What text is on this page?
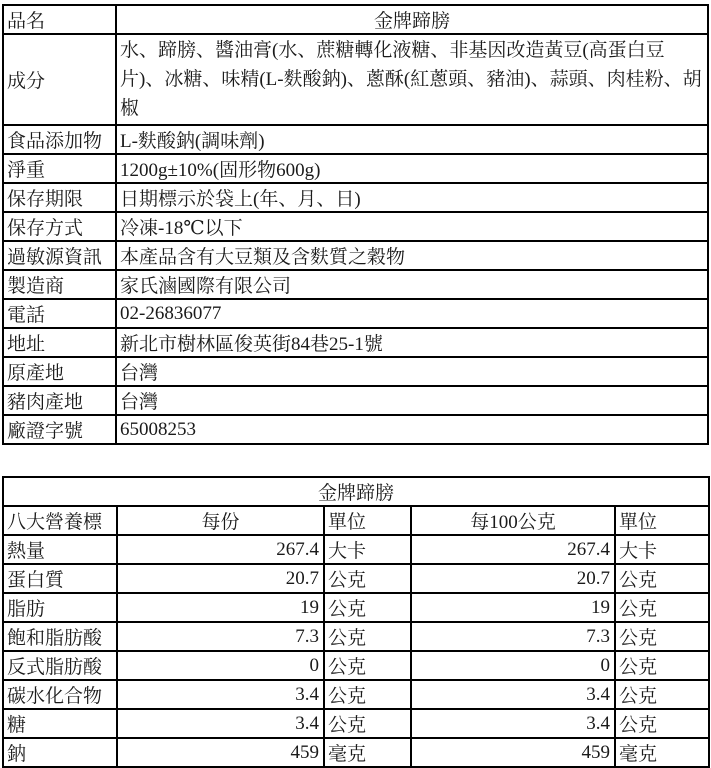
品名	金牌蹄膀
成分	水、蹄膀、醬油膏(水、蔗糖轉化液糖、非基因改造黃豆(高蛋白豆片)、冰糖、味精(L-麩酸鈉)、蔥酥(紅蔥頭、豬油)、蒜頭、肉桂粉、胡椒
食品添加物	L-麩酸鈉(調味劑)
淨重	1200g±10%(固形物600g)
保存期限	日期標示於袋上(年、月、日)
保存方式	冷凍-18℃以下
過敏源資訊	本產品含有大豆類及含麩質之穀物
製造商	家氏滷國際有限公司
電話	02-26836077
地址	新北市樹林區俊英街84巷25-1號
原產地	台灣
豬肉產地	台灣
廠證字號	65008253
金牌蹄膀				
八大營養標	每份	單位	每100公克	單位
熱量	267.4	大卡	267.4	大卡
蛋白質	20.7	公克	20.7	公克
脂肪	19	公克	19	公克
飽和脂肪酸	7.3	公克	7.3	公克
反式脂肪酸	0	公克	0	公克
碳水化合物	3.4	公克	3.4	公克
糖	3.4	公克	3.4	公克
鈉	459	毫克	459	毫克
